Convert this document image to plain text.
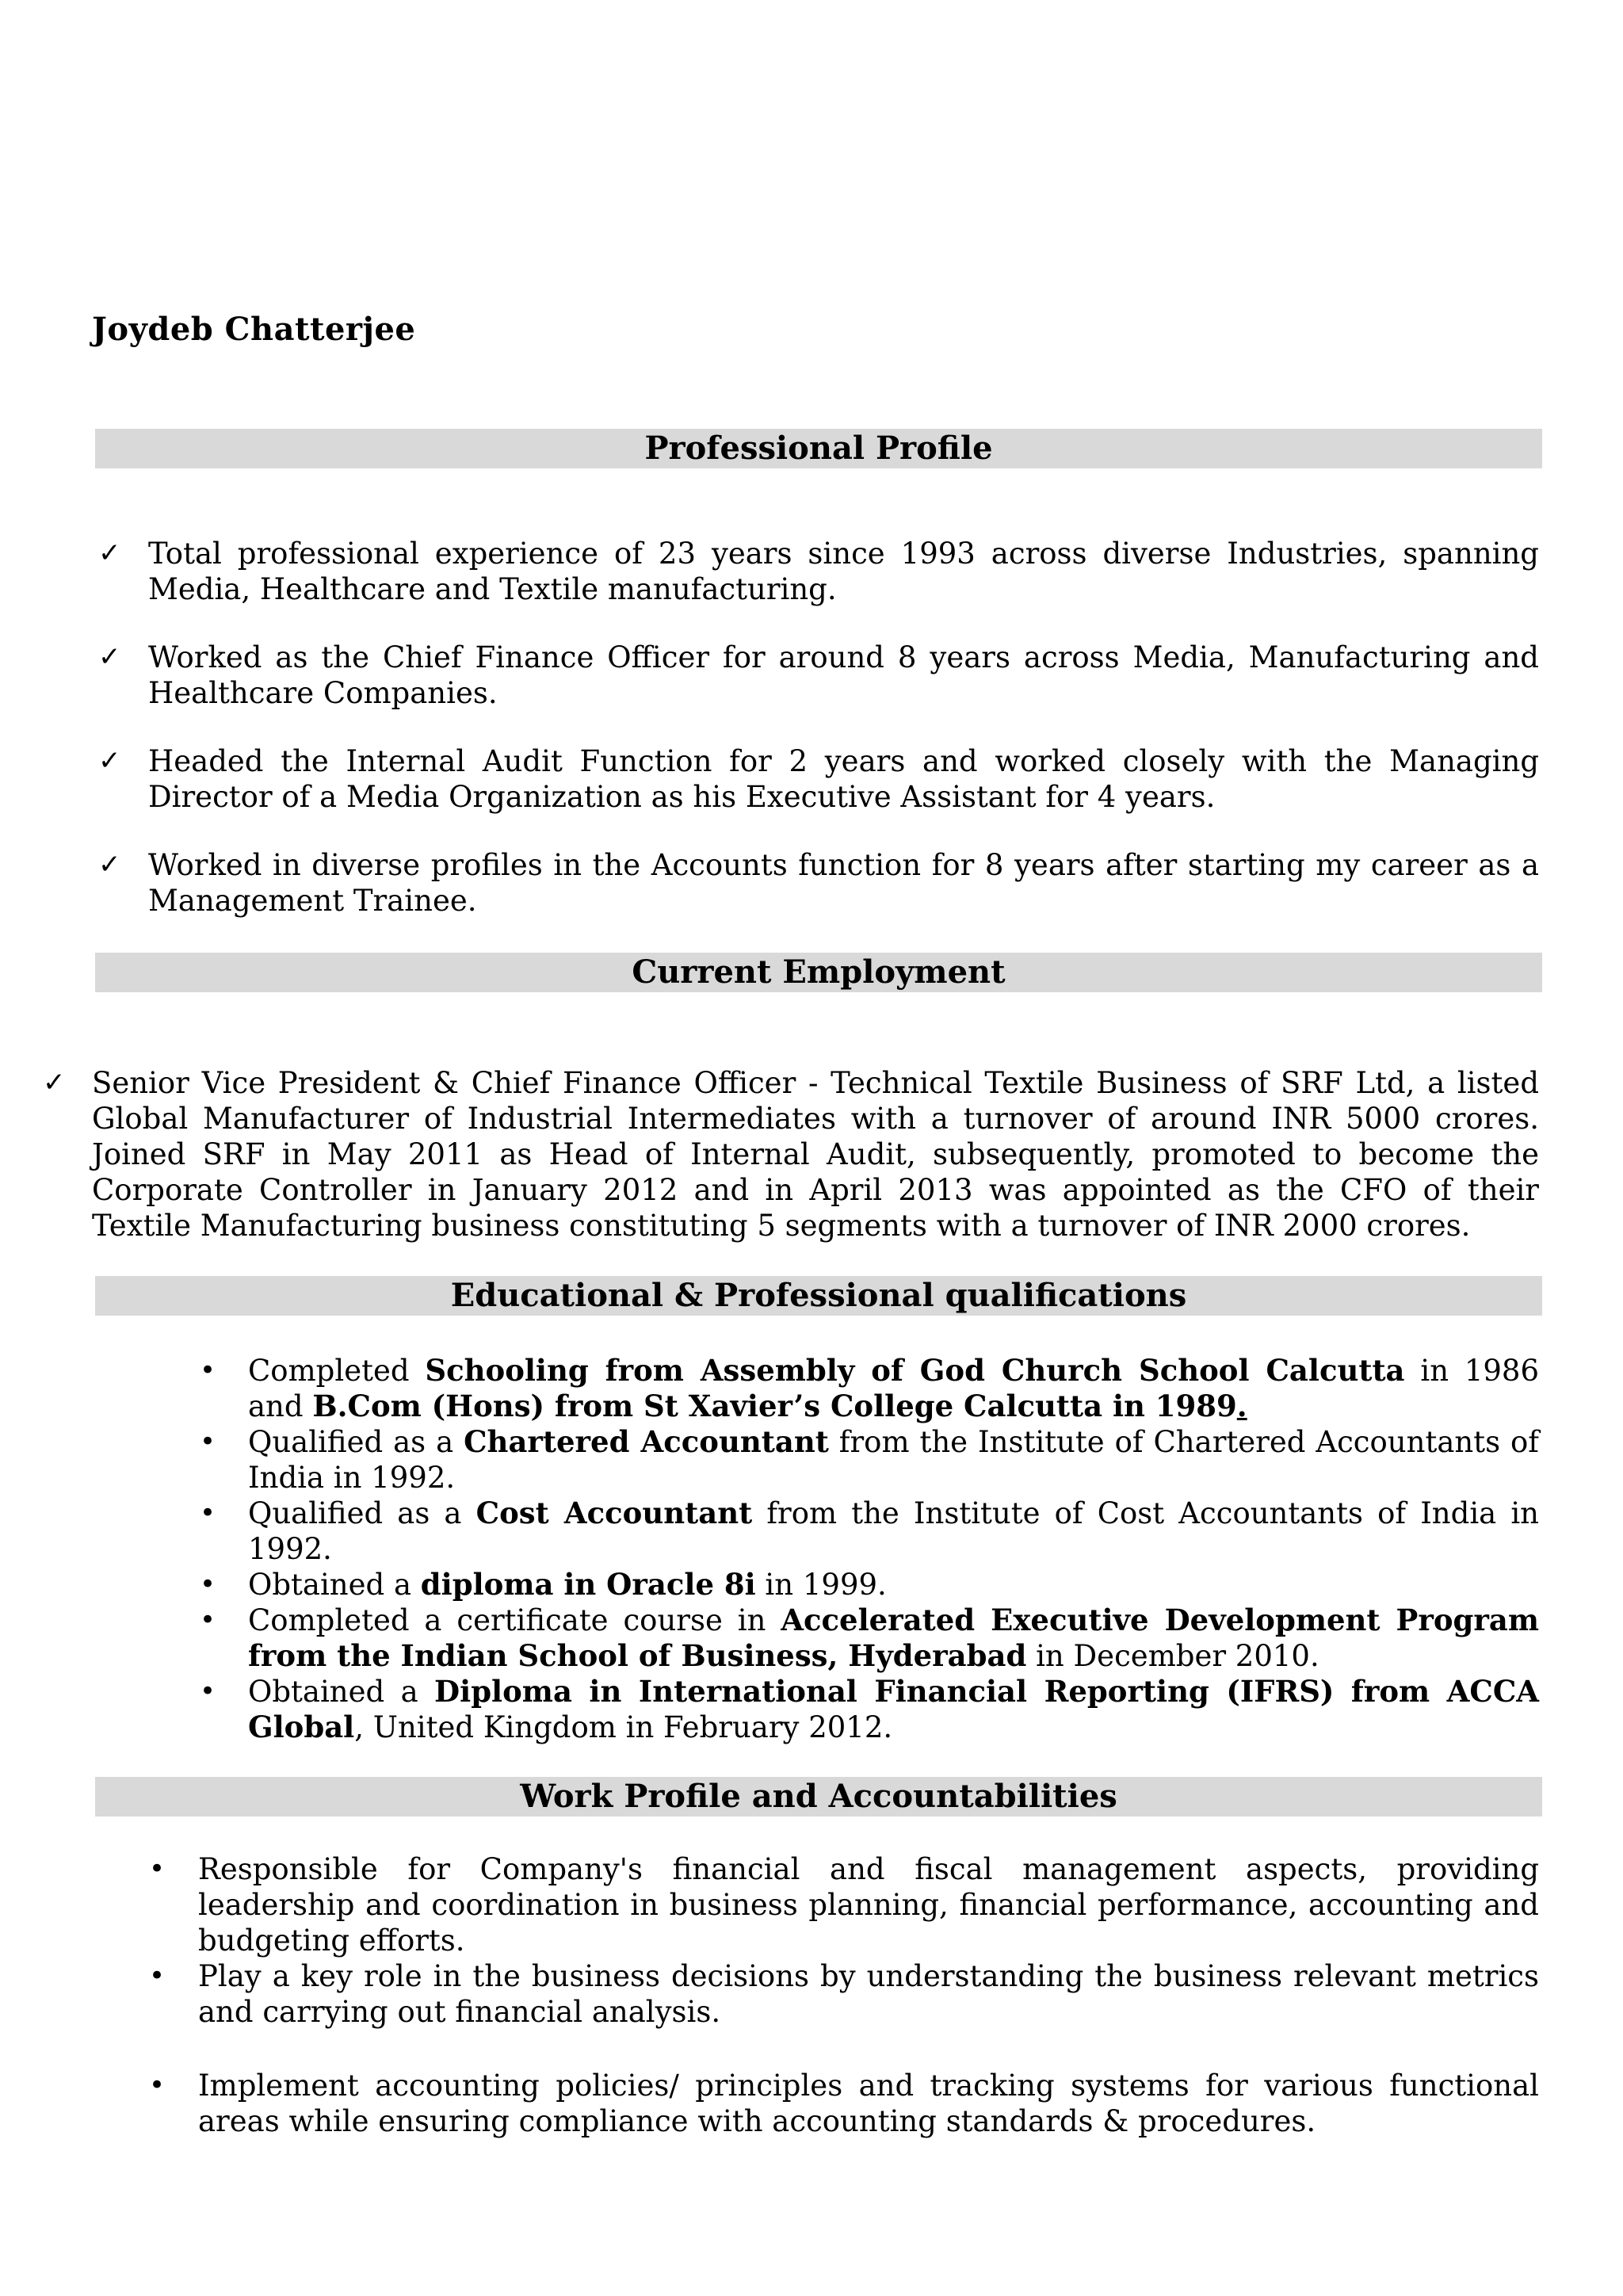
Joydeb Chatterjee
Professional Profile
✓ Total professional experience of 23 years since 1993 across diverse Industries, spanning Media, Healthcare and Textile manufacturing.

✓ Worked as the Chief Finance Officer for around 8 years across Media, Manufacturing and Healthcare Companies.

✓ Headed the Internal Audit Function for 2 years and worked closely with the Managing Director of a Media Organization as his Executive Assistant for 4 years.

✓ Worked in diverse profiles in the Accounts function for 8 years after starting my career as a Management Trainee.

Current Employment
✓ Senior Vice President & Chief Finance Officer - Technical Textile Business of SRF Ltd, a listed Global Manufacturer of Industrial Intermediates with a turnover of around INR 5000 crores. Joined SRF in May 2011 as Head of Internal Audit, subsequently, promoted to become the Corporate Controller in January 2012 and in April 2013 was appointed as the CFO of their Textile Manufacturing business constituting 5 segments with a turnover of INR 2000 crores.

Educational & Professional qualifications
• Completed Schooling from Assembly of God Church School Calcutta in 1986 and B.Com (Hons) from St Xavier’s College Calcutta in 1989.

• Qualified as a Chartered Accountant from the Institute of Chartered Accountants of India in 1992.

• Qualified as a Cost Accountant from the Institute of Cost Accountants of India in 1992.

• Obtained a diploma in Oracle 8i in 1999.

• Completed a certificate course in Accelerated Executive Development Program from the Indian School of Business, Hyderabad in December 2010.

• Obtained a Diploma in International Financial Reporting (IFRS) from ACCA Global, United Kingdom in February 2012.

Work Profile and Accountabilities
• Responsible for Company's financial and fiscal management aspects, providing leadership and coordination in business planning, financial performance, accounting and budgeting efforts.

• Play a key role in the business decisions by understanding the business relevant metrics and carrying out financial analysis.

• Implement accounting policies/ principles and tracking systems for various functional areas while ensuring compliance with accounting standards & procedures.
